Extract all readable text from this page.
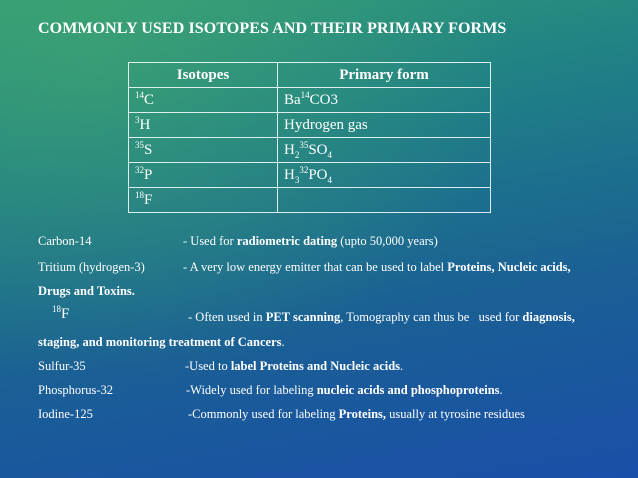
COMMONLY USED ISOTOPES AND THEIR PRIMARY FORMS
Isotopes	Primary form
$^{14}$C	Ba$^{14}$CO3
$^3$H	Hydrogen gas
$^{35}$S	$H_2^{35}SO_4$
$^{32}$P	$H_3^{32}PO_4$
$^{18}$F	
Carbon-14	- Used for radiometric dating (upto 50,000 years)
Tritium (hydrogen-3)	- A very low energy emitter that can be used to label Proteins, Nucleic acids,
Drugs and Toxins.
$^{18}$F	- Often used in PET scanning, Tomography can thus be   used for diagnosis,
staging, and monitoring treatment of Cancers.
Sulfur-35	-Used to label Proteins and Nucleic acids.
Phosphorus-32	-Widely used for labeling nucleic acids and phosphoproteins.
Iodine-125	-Commonly used for labeling Proteins, usually at tyrosine residues
